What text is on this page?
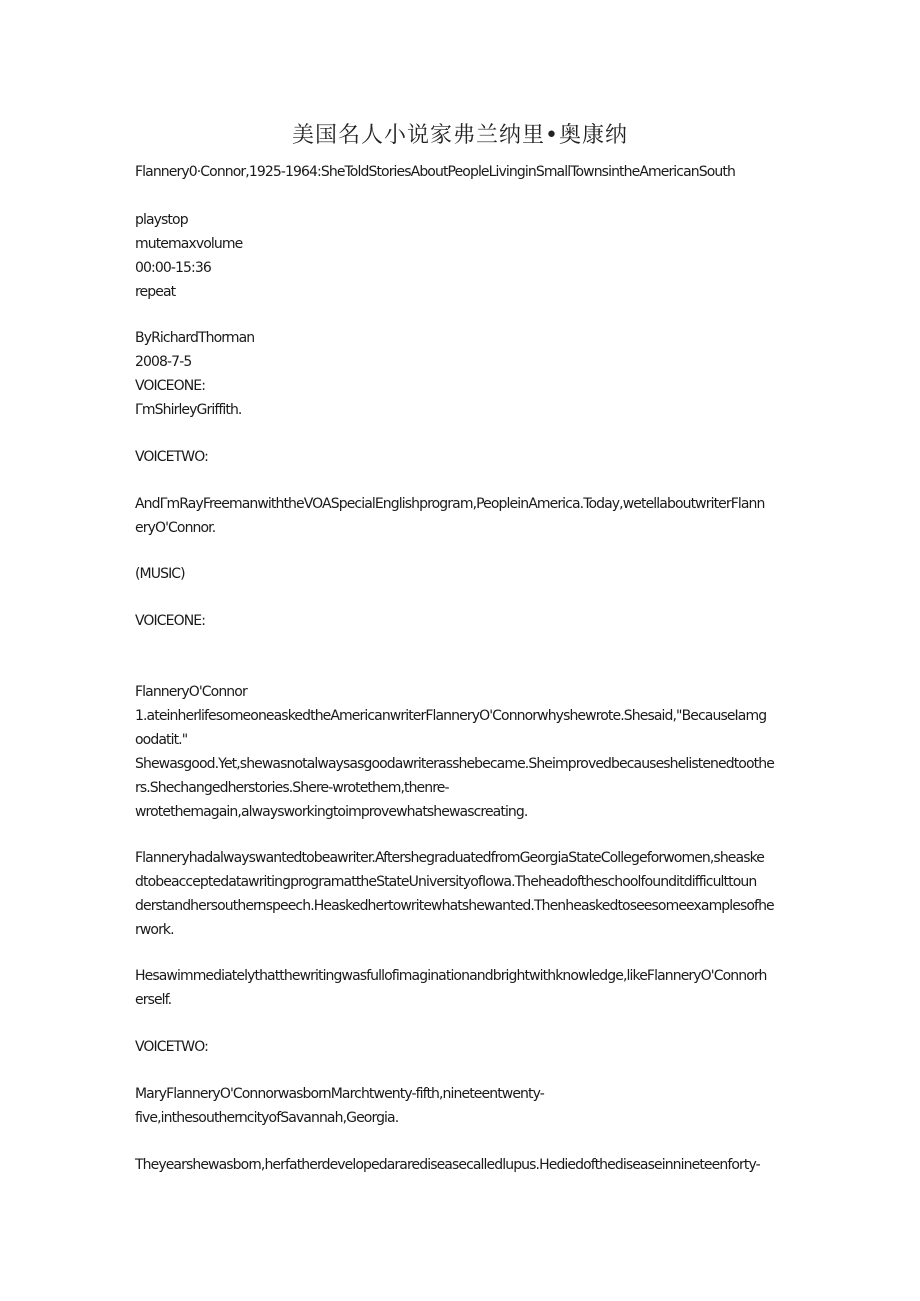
美国名人小说家弗兰纳里•奥康纳
Flannery0·Connor,1925-1964:SheToldStoriesAboutPeopleLivinginSmallTownsintheAmericanSouth
playstop
mutemaxvolume
00:00-15:36
repeat
ByRichardThorman
2008-7-5
VOICEONE:
ΓmShirleyGriffith.
VOICETWO:
AndΓmRayFreemanwiththeVOASpecialEnglishprogram,PeopleinAmerica.Today,wetellaboutwriterFlann
eryO'Connor.
(MUSIC)
VOICEONE:
FlanneryO'Connor
1.ateinherlifesomeoneaskedtheAmericanwriterFlanneryO'Connorwhyshewrote.Shesaid,"BecauseIamg
oodatit."
Shewasgood.Yet,shewasnotalwaysasgoodawriterasshebecame.Sheimprovedbecauseshelistenedtoothe
rs.Shechangedherstories.Shere-wrotethem,thenre-
wrotethemagain,alwaysworkingtoimprovewhatshewascreating.
Flanneryhadalwayswantedtobeawriter.AftershegraduatedfromGeorgiaStateCollegeforwomen,sheaske
dtobeacceptedatawritingprogramattheStateUniversityofIowa.Theheadoftheschoolfounditdifficulttoun
derstandhersouthernspeech.Heaskedhertowritewhatshewanted.Thenheaskedtoseesomeexamplesofhe
rwork.
Hesawimmediatelythatthewritingwasfullofimaginationandbrightwithknowledge,likeFlanneryO'Connorh
erself.
VOICETWO:
MaryFlanneryO'ConnorwasbornMarchtwenty-fifth,nineteentwenty-
five,inthesoutherncityofSavannah,Georgia.
Theyearshewasborn,herfatherdevelopedararediseasecalledlupus.Hediedofthediseaseinnineteenforty-
